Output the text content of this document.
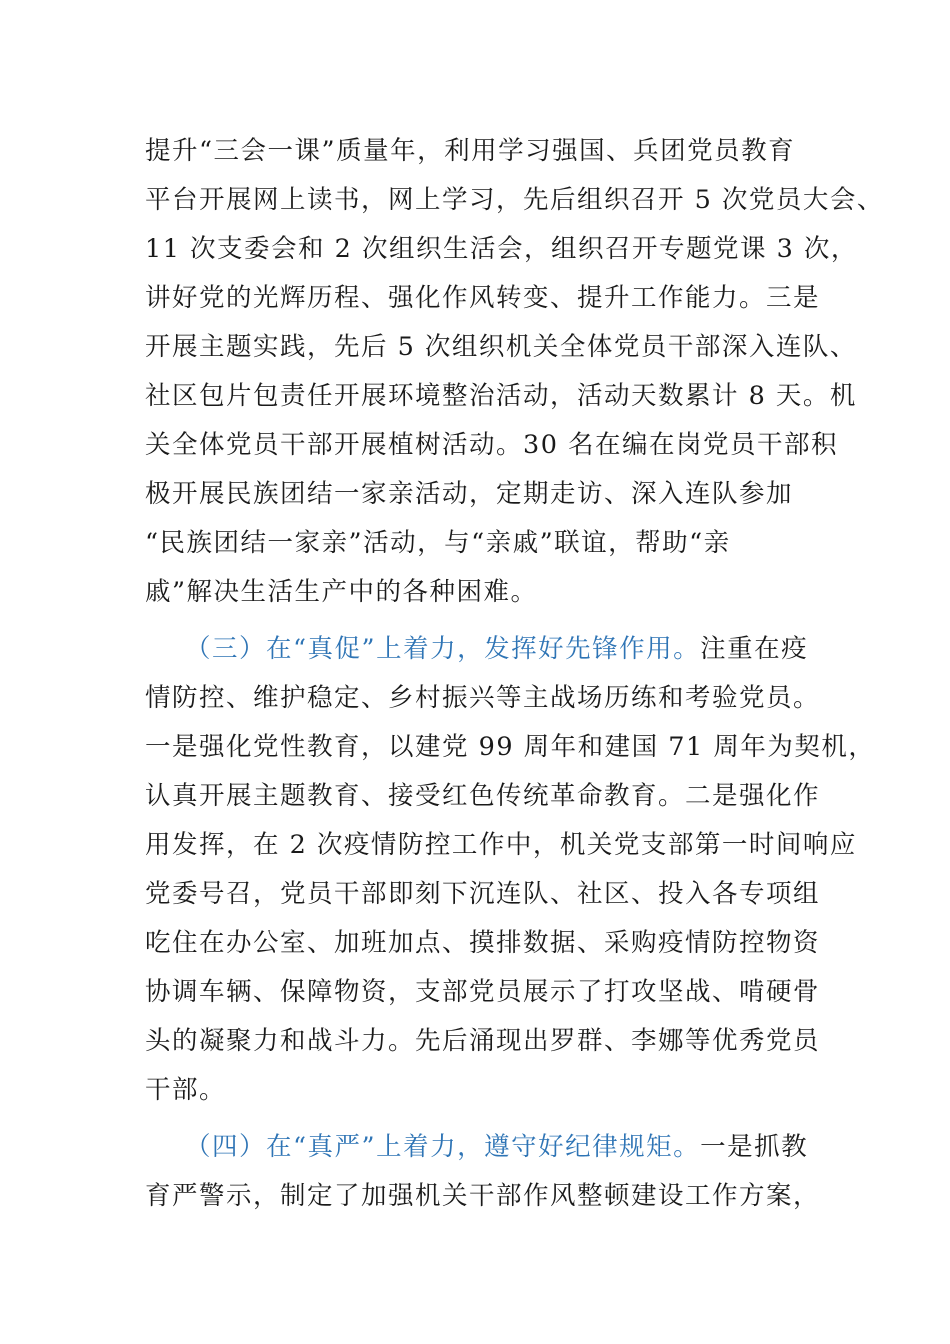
提升“三会一课”质量年，利用学习强国、兵团党员教育
平台开展网上读书，网上学习，先后组织召开 5 次党员大会、
11 次支委会和 2 次组织生活会，组织召开专题党课 3 次，
讲好党的光辉历程、强化作风转变、提升工作能力。三是
开展主题实践，先后 5 次组织机关全体党员干部深入连队、
社区包片包责任开展环境整治活动，活动天数累计 8 天。机
关全体党员干部开展植树活动。30 名在编在岗党员干部积
极开展民族团结一家亲活动，定期走访、深入连队参加
“民族团结一家亲”活动，与“亲戚”联谊，帮助“亲
戚”解决生活生产中的各种困难。
（三）在“真促”上着力，发挥好先锋作用。注重在疫
情防控、维护稳定、乡村振兴等主战场历练和考验党员。
一是强化党性教育，以建党 99 周年和建国 71 周年为契机，
认真开展主题教育、接受红色传统革命教育。二是强化作
用发挥，在 2 次疫情防控工作中，机关党支部第一时间响应
党委号召，党员干部即刻下沉连队、社区、投入各专项组
吃住在办公室、加班加点、摸排数据、采购疫情防控物资
协调车辆、保障物资，支部党员展示了打攻坚战、啃硬骨
头的凝聚力和战斗力。先后涌现出罗群、李娜等优秀党员
干部。
（四）在“真严”上着力，遵守好纪律规矩。一是抓教
育严警示，制定了加强机关干部作风整顿建设工作方案，
